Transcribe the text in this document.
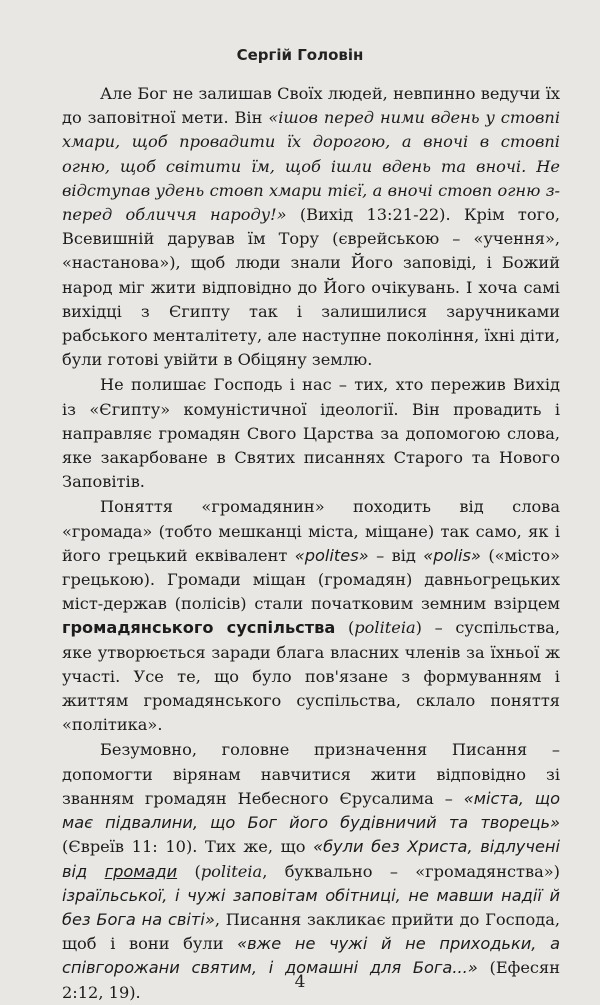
Сергій Головін

Але Бог не залишав Своїх людей, невпинно ведучи їх до заповітної мети. Він «ішов перед ними вдень у стовпі хмари, щоб провадити їх дорогою, а вночі в стовпі огню, щоб світити їм, щоб ішли вдень та вночі. Не відступав удень стовп хмари тієї, а вночі стовп огню з-перед обличчя народу!» (Вихід 13:21-22). Крім того, Всевишній дарував їм Тору (єврейською – «учення», «настанова»), щоб люди знали Його заповіді, і Божий народ міг жити відповідно до Його очікувань. І хоча самі вихідці з Єгипту так і залишилися заручниками рабського менталітету, але наступне покоління, їхні діти, були готові увійти в Обіцяну землю.

Не полишає Господь і нас – тих, хто пережив Вихід із «Єгипту» комуністичної ідеології. Він провадить і направляє громадян Свого Царства за допомогою слова, яке закарбоване в Святих писаннях Старого та Нового Заповітів.

Поняття «громадянин» походить від слова «громада» (тобто мешканці міста, міщане) так само, як і його грецький еквівалент «polites» – від «polis» («місто» грецькою). Громади міщан (громадян) давньогрецьких міст-держав (полісів) стали початковим земним взірцем громадянського суспільства (politeia) – суспільства, яке утворюється заради блага власних членів за їхньої ж участі. Усе те, що було пов'язане з формуванням і життям громадянського суспільства, склало поняття «політика».

Безумовно, головне призначення Писання – допомогти вірянам навчитися жити відповідно зі званням громадян Небесного Єрусалима – «міста, що має підвалини, що Бог його будівничий та творець» (Євреїв 11: 10). Тих же, що «були без Христа, відлучені від громади (politeia, буквально – «громадянства») ізраїльської, і чужі заповітам обітниці, не мавши надії й без Бога на світі», Писання закликає прийти до Господа, щоб і вони були «вже не чужі й не приходьки, а співгорожани святим, і домашні для Бога...» (Ефесян 2:12, 19).

4
